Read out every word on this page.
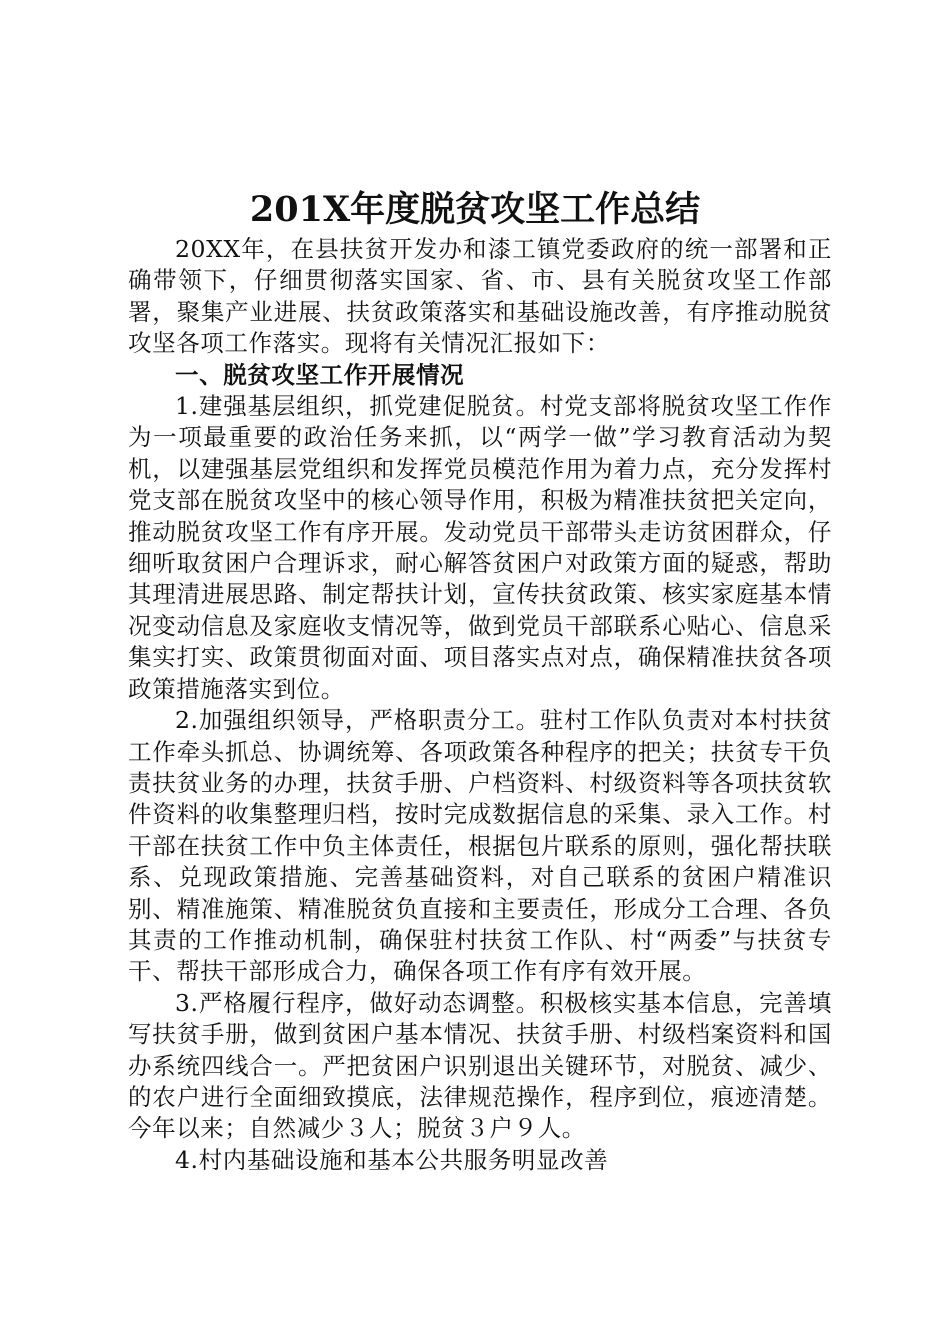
201X年度脱贫攻坚工作总结

20XX年，在县扶贫开发办和漆工镇党委政府的统一部署和正确带领下，仔细贯彻落实国家、省、市、县有关脱贫攻坚工作部署，聚集产业进展、扶贫政策落实和基础设施改善，有序推动脱贫攻坚各项工作落实。现将有关情况汇报如下：

一、脱贫攻坚工作开展情况

1.建强基层组织，抓党建促脱贫。村党支部将脱贫攻坚工作作为一项最重要的政治任务来抓，以“两学一做”学习教育活动为契机，以建强基层党组织和发挥党员模范作用为着力点，充分发挥村党支部在脱贫攻坚中的核心领导作用，积极为精准扶贫把关定向，推动脱贫攻坚工作有序开展。发动党员干部带头走访贫困群众，仔细听取贫困户合理诉求，耐心解答贫困户对政策方面的疑惑，帮助其理清进展思路、制定帮扶计划，宣传扶贫政策、核实家庭基本情况变动信息及家庭收支情况等，做到党员干部联系心贴心、信息采集实打实、政策贯彻面对面、项目落实点对点，确保精准扶贫各项政策措施落实到位。

2.加强组织领导，严格职责分工。驻村工作队负责对本村扶贫工作牵头抓总、协调统筹、各项政策各种程序的把关；扶贫专干负责扶贫业务的办理，扶贫手册、户档资料、村级资料等各项扶贫软件资料的收集整理归档，按时完成数据信息的采集、录入工作。村干部在扶贫工作中负主体责任，根据包片联系的原则，强化帮扶联系、兑现政策措施、完善基础资料，对自己联系的贫困户精准识别、精准施策、精准脱贫负直接和主要责任，形成分工合理、各负其责的工作推动机制，确保驻村扶贫工作队、村“两委”与扶贫专干、帮扶干部形成合力，确保各项工作有序有效开展。

3.严格履行程序，做好动态调整。积极核实基本信息，完善填写扶贫手册，做到贫困户基本情况、扶贫手册、村级档案资料和国办系统四线合一。严把贫困户识别退出关键环节，对脱贫、减少、的农户进行全面细致摸底，法律规范操作，程序到位，痕迹清楚。今年以来；自然减少３人；脱贫３户９人。

4.村内基础设施和基本公共服务明显改善
